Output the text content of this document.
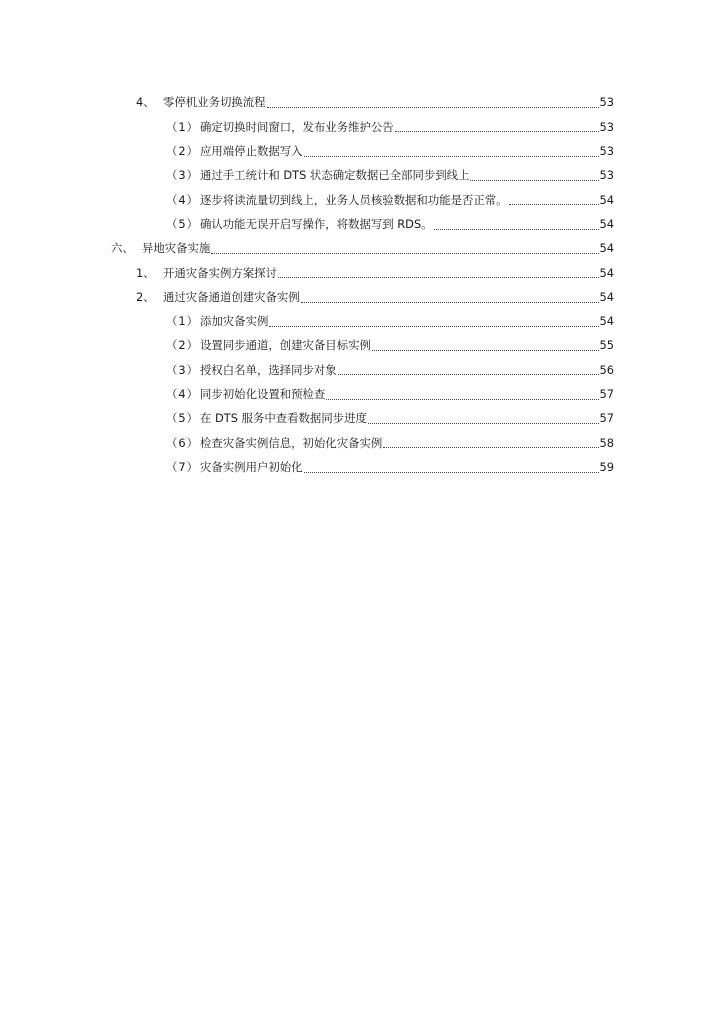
4、 零停机业务切换流程	53
（1） 确定切换时间窗口，发布业务维护公告	53
（2） 应用端停止数据写入	53
（3） 通过手工统计和 DTS 状态确定数据已全部同步到线上	53
（4） 逐步将读流量切到线上，业务人员核验数据和功能是否正常。	54
（5） 确认功能无误开启写操作，将数据写到 RDS。	54
六、 异地灾备实施	54
1、 开通灾备实例方案探讨	54
2、 通过灾备通道创建灾备实例	54
（1） 添加灾备实例	54
（2） 设置同步通道，创建灾备目标实例	55
（3） 授权白名单，选择同步对象	56
（4） 同步初始化设置和预检查	57
（5） 在 DTS 服务中查看数据同步进度	57
（6） 检查灾备实例信息，初始化灾备实例	58
（7） 灾备实例用户初始化	59
